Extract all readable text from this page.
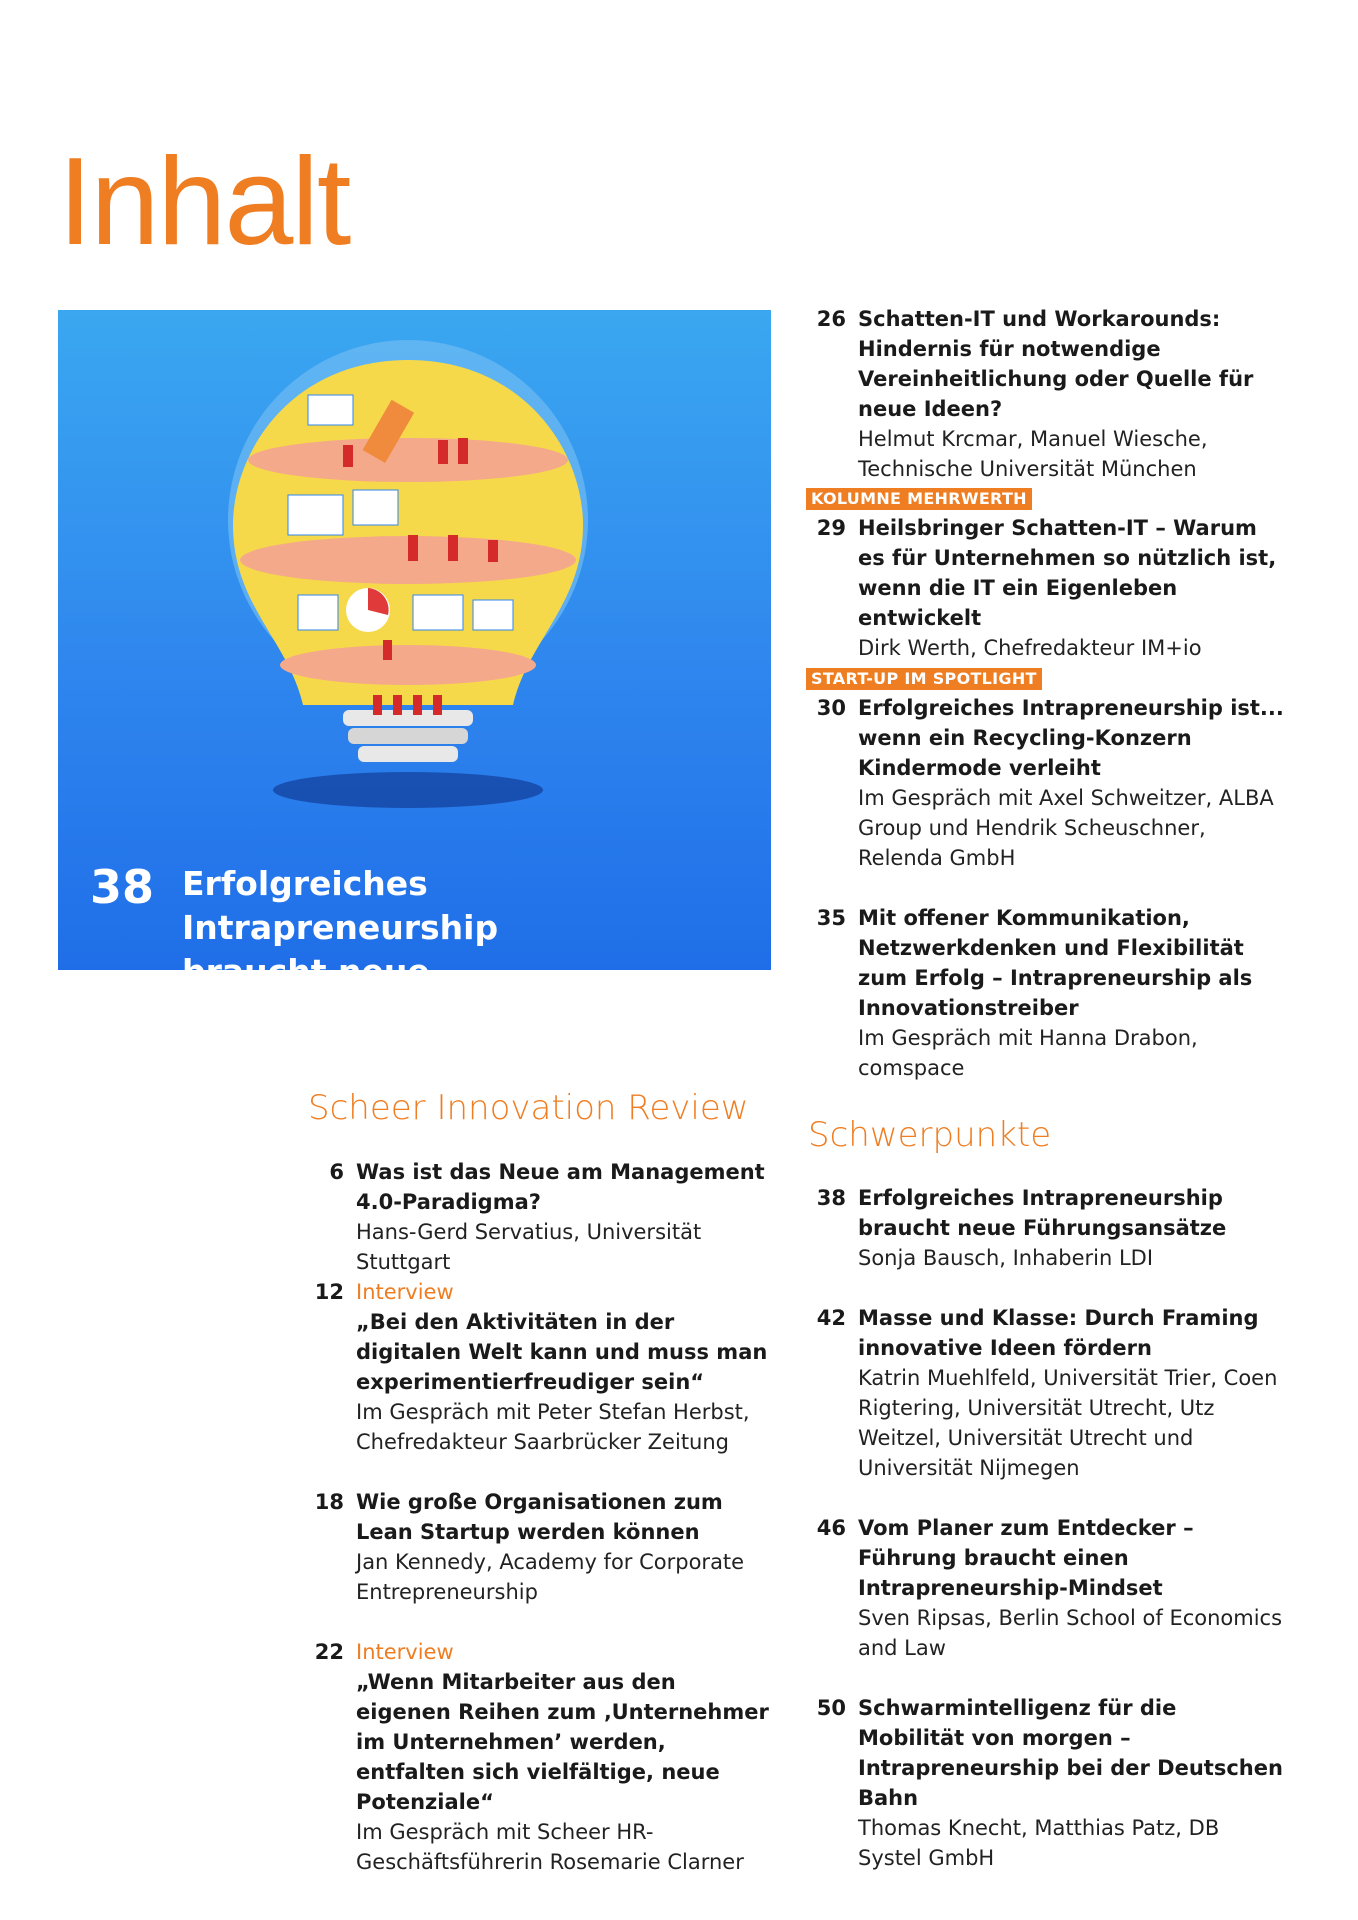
Inhalt
38 Erfolgreiches Intrapreneurship
braucht neue Führungsansätze
26 Schatten-IT und Workarounds: Hindernis für notwendige Vereinheitlichung oder Quelle für neue Ideen?
Helmut Krcmar, Manuel Wiesche, Technische Universität München
KOLUMNE MEHRWERTH
29 Heilsbringer Schatten-IT – Warum es für Unternehmen so nützlich ist, wenn die IT ein Eigenleben entwickelt
Dirk Werth, Chefredakteur IM+io
START-UP IM SPOTLIGHT
30 Erfolgreiches Intrapreneurship ist... wenn ein Recycling-Konzern Kindermode verleiht
Im Gespräch mit Axel Schweitzer, ALBA Group und Hendrik Scheuschner, Relenda GmbH
35 Mit offener Kommunikation, Netzwerkdenken und Flexibilität zum Erfolg – Intrapreneurship als Innovationstreiber
Im Gespräch mit Hanna Drabon, comspace
Scheer Innovation Review
6 Was ist das Neue am Management 4.0-Paradigma?
Hans-Gerd Servatius, Universität Stuttgart
12 Interview
„Bei den Aktivitäten in der digitalen Welt kann und muss man experimentierfreudiger sein“
Im Gespräch mit Peter Stefan Herbst, Chefredakteur Saarbrücker Zeitung
18 Wie große Organisationen zum Lean Startup werden können
Jan Kennedy, Academy for Corporate Entrepreneurship
22 Interview
„Wenn Mitarbeiter aus den eigenen Reihen zum ‚Unternehmer im Unternehmen’ werden, entfalten sich vielfältige, neue Potenziale“
Im Gespräch mit Scheer HR-Geschäftsführerin Rosemarie Clarner
Schwerpunkte
38 Erfolgreiches Intrapreneurship braucht neue Führungsansätze
Sonja Bausch, Inhaberin LDI
42 Masse und Klasse: Durch Framing innovative Ideen fördern
Katrin Muehlfeld, Universität Trier, Coen Rigtering, Universität Utrecht, Utz Weitzel, Universität Utrecht und Universität Nijmegen
46 Vom Planer zum Entdecker – Führung braucht einen Intrapreneurship-Mindset
Sven Ripsas, Berlin School of Economics and Law
50 Schwarmintelligenz für die Mobilität von morgen – Intrapreneurship bei der Deutschen Bahn
Thomas Knecht, Matthias Patz, DB Systel GmbH
